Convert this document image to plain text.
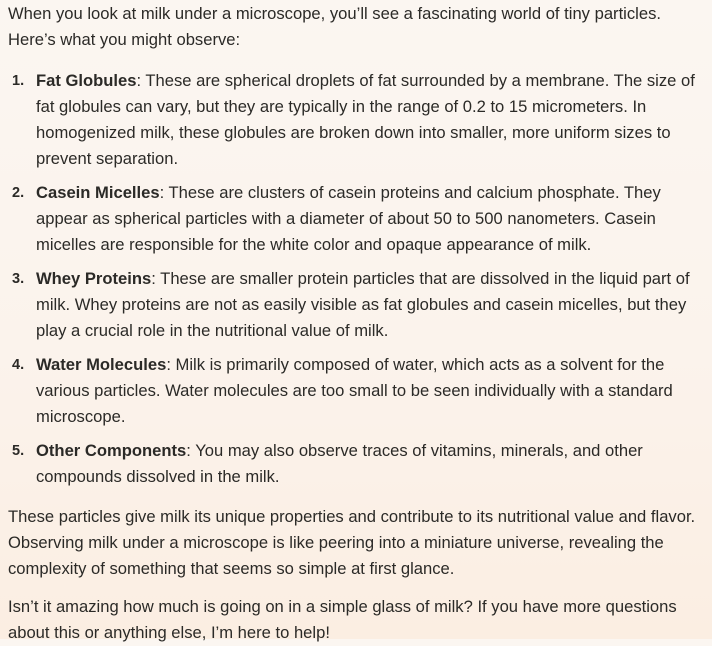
When you look at milk under a microscope, you’ll see a fascinating world of tiny particles. Here’s what you might observe:

1. Fat Globules: These are spherical droplets of fat surrounded by a membrane. The size of fat globules can vary, but they are typically in the range of 0.2 to 15 micrometers. In homogenized milk, these globules are broken down into smaller, more uniform sizes to prevent separation.
2. Casein Micelles: These are clusters of casein proteins and calcium phosphate. They appear as spherical particles with a diameter of about 50 to 500 nanometers. Casein micelles are responsible for the white color and opaque appearance of milk.
3. Whey Proteins: These are smaller protein particles that are dissolved in the liquid part of milk. Whey proteins are not as easily visible as fat globules and casein micelles, but they play a crucial role in the nutritional value of milk.
4. Water Molecules: Milk is primarily composed of water, which acts as a solvent for the various particles. Water molecules are too small to be seen individually with a standard microscope.
5. Other Components: You may also observe traces of vitamins, minerals, and other compounds dissolved in the milk.

These particles give milk its unique properties and contribute to its nutritional value and flavor. Observing milk under a microscope is like peering into a miniature universe, revealing the complexity of something that seems so simple at first glance.

Isn’t it amazing how much is going on in a simple glass of milk? If you have more questions about this or anything else, I’m here to help!
